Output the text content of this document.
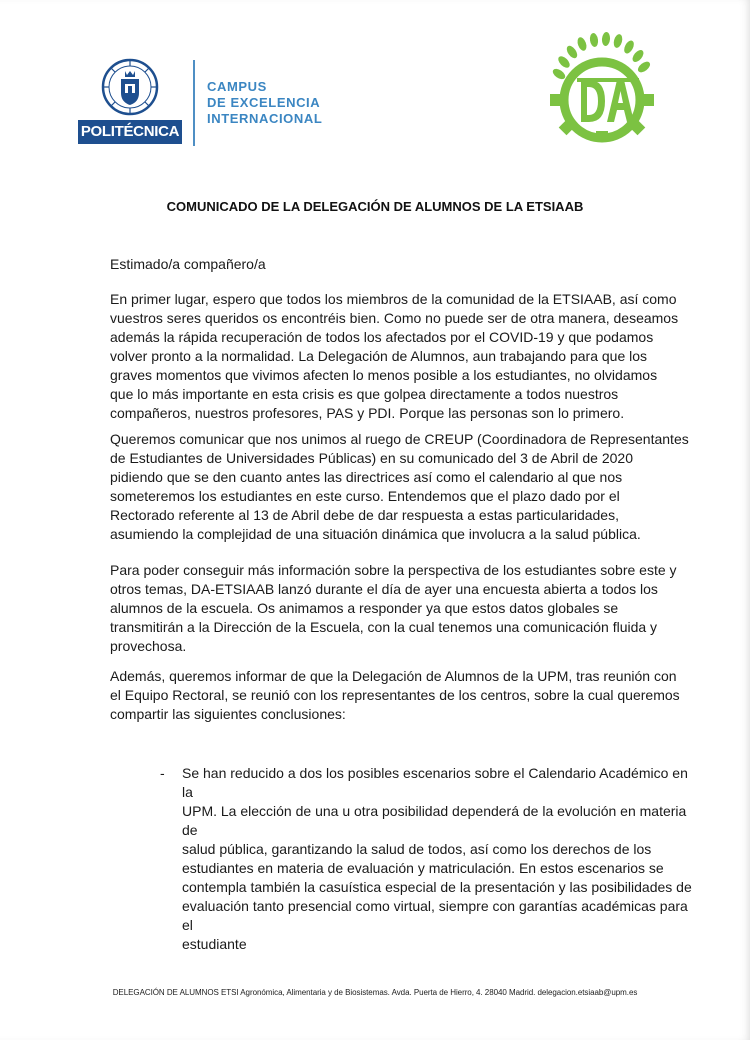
POLITÉCNICA
CAMPUS
DE EXCELENCIA
INTERNACIONAL
COMUNICADO DE LA DELEGACIÓN DE ALUMNOS DE LA ETSIAAB
Estimado/a compañero/a
En primer lugar, espero que todos los miembros de la comunidad de la ETSIAAB, así como
vuestros seres queridos os encontréis bien. Como no puede ser de otra manera, deseamos
además la rápida recuperación de todos los afectados por el COVID-19 y que podamos
volver pronto a la normalidad. La Delegación de Alumnos, aun trabajando para que los
graves momentos que vivimos afecten lo menos posible a los estudiantes, no olvidamos
que lo más importante en esta crisis es que golpea directamente a todos nuestros
compañeros, nuestros profesores, PAS y PDI. Porque las personas son lo primero.
Queremos comunicar que nos unimos al ruego de CREUP (Coordinadora de Representantes
de Estudiantes de Universidades Públicas) en su comunicado del 3 de Abril de 2020
pidiendo que se den cuanto antes las directrices así como el calendario al que nos
someteremos los estudiantes en este curso. Entendemos que el plazo dado por el
Rectorado referente al 13 de Abril debe de dar respuesta a estas particularidades,
asumiendo la complejidad de una situación dinámica que involucra a la salud pública.
Para poder conseguir más información sobre la perspectiva de los estudiantes sobre este y
otros temas, DA-ETSIAAB lanzó durante el día de ayer una encuesta abierta a todos los
alumnos de la escuela. Os animamos a responder ya que estos datos globales se
transmitirán a la Dirección de la Escuela, con la cual tenemos una comunicación fluida y
provechosa.
Además, queremos informar de que la Delegación de Alumnos de la UPM, tras reunión con
el Equipo Rectoral, se reunió con los representantes de los centros, sobre la cual queremos
compartir las siguientes conclusiones:
- Se han reducido a dos los posibles escenarios sobre el Calendario Académico en la
UPM. La elección de una u otra posibilidad dependerá de la evolución en materia de
salud pública, garantizando la salud de todos, así como los derechos de los
estudiantes en materia de evaluación y matriculación. En estos escenarios se
contempla también la casuística especial de la presentación y las posibilidades de
evaluación tanto presencial como virtual, siempre con garantías académicas para el
estudiante
DELEGACIÓN DE ALUMNOS ETSI Agronómica, Alimentaria y de Biosistemas. Avda. Puerta de Hierro, 4. 28040 Madrid. delegacion.etsiaab@upm.es
